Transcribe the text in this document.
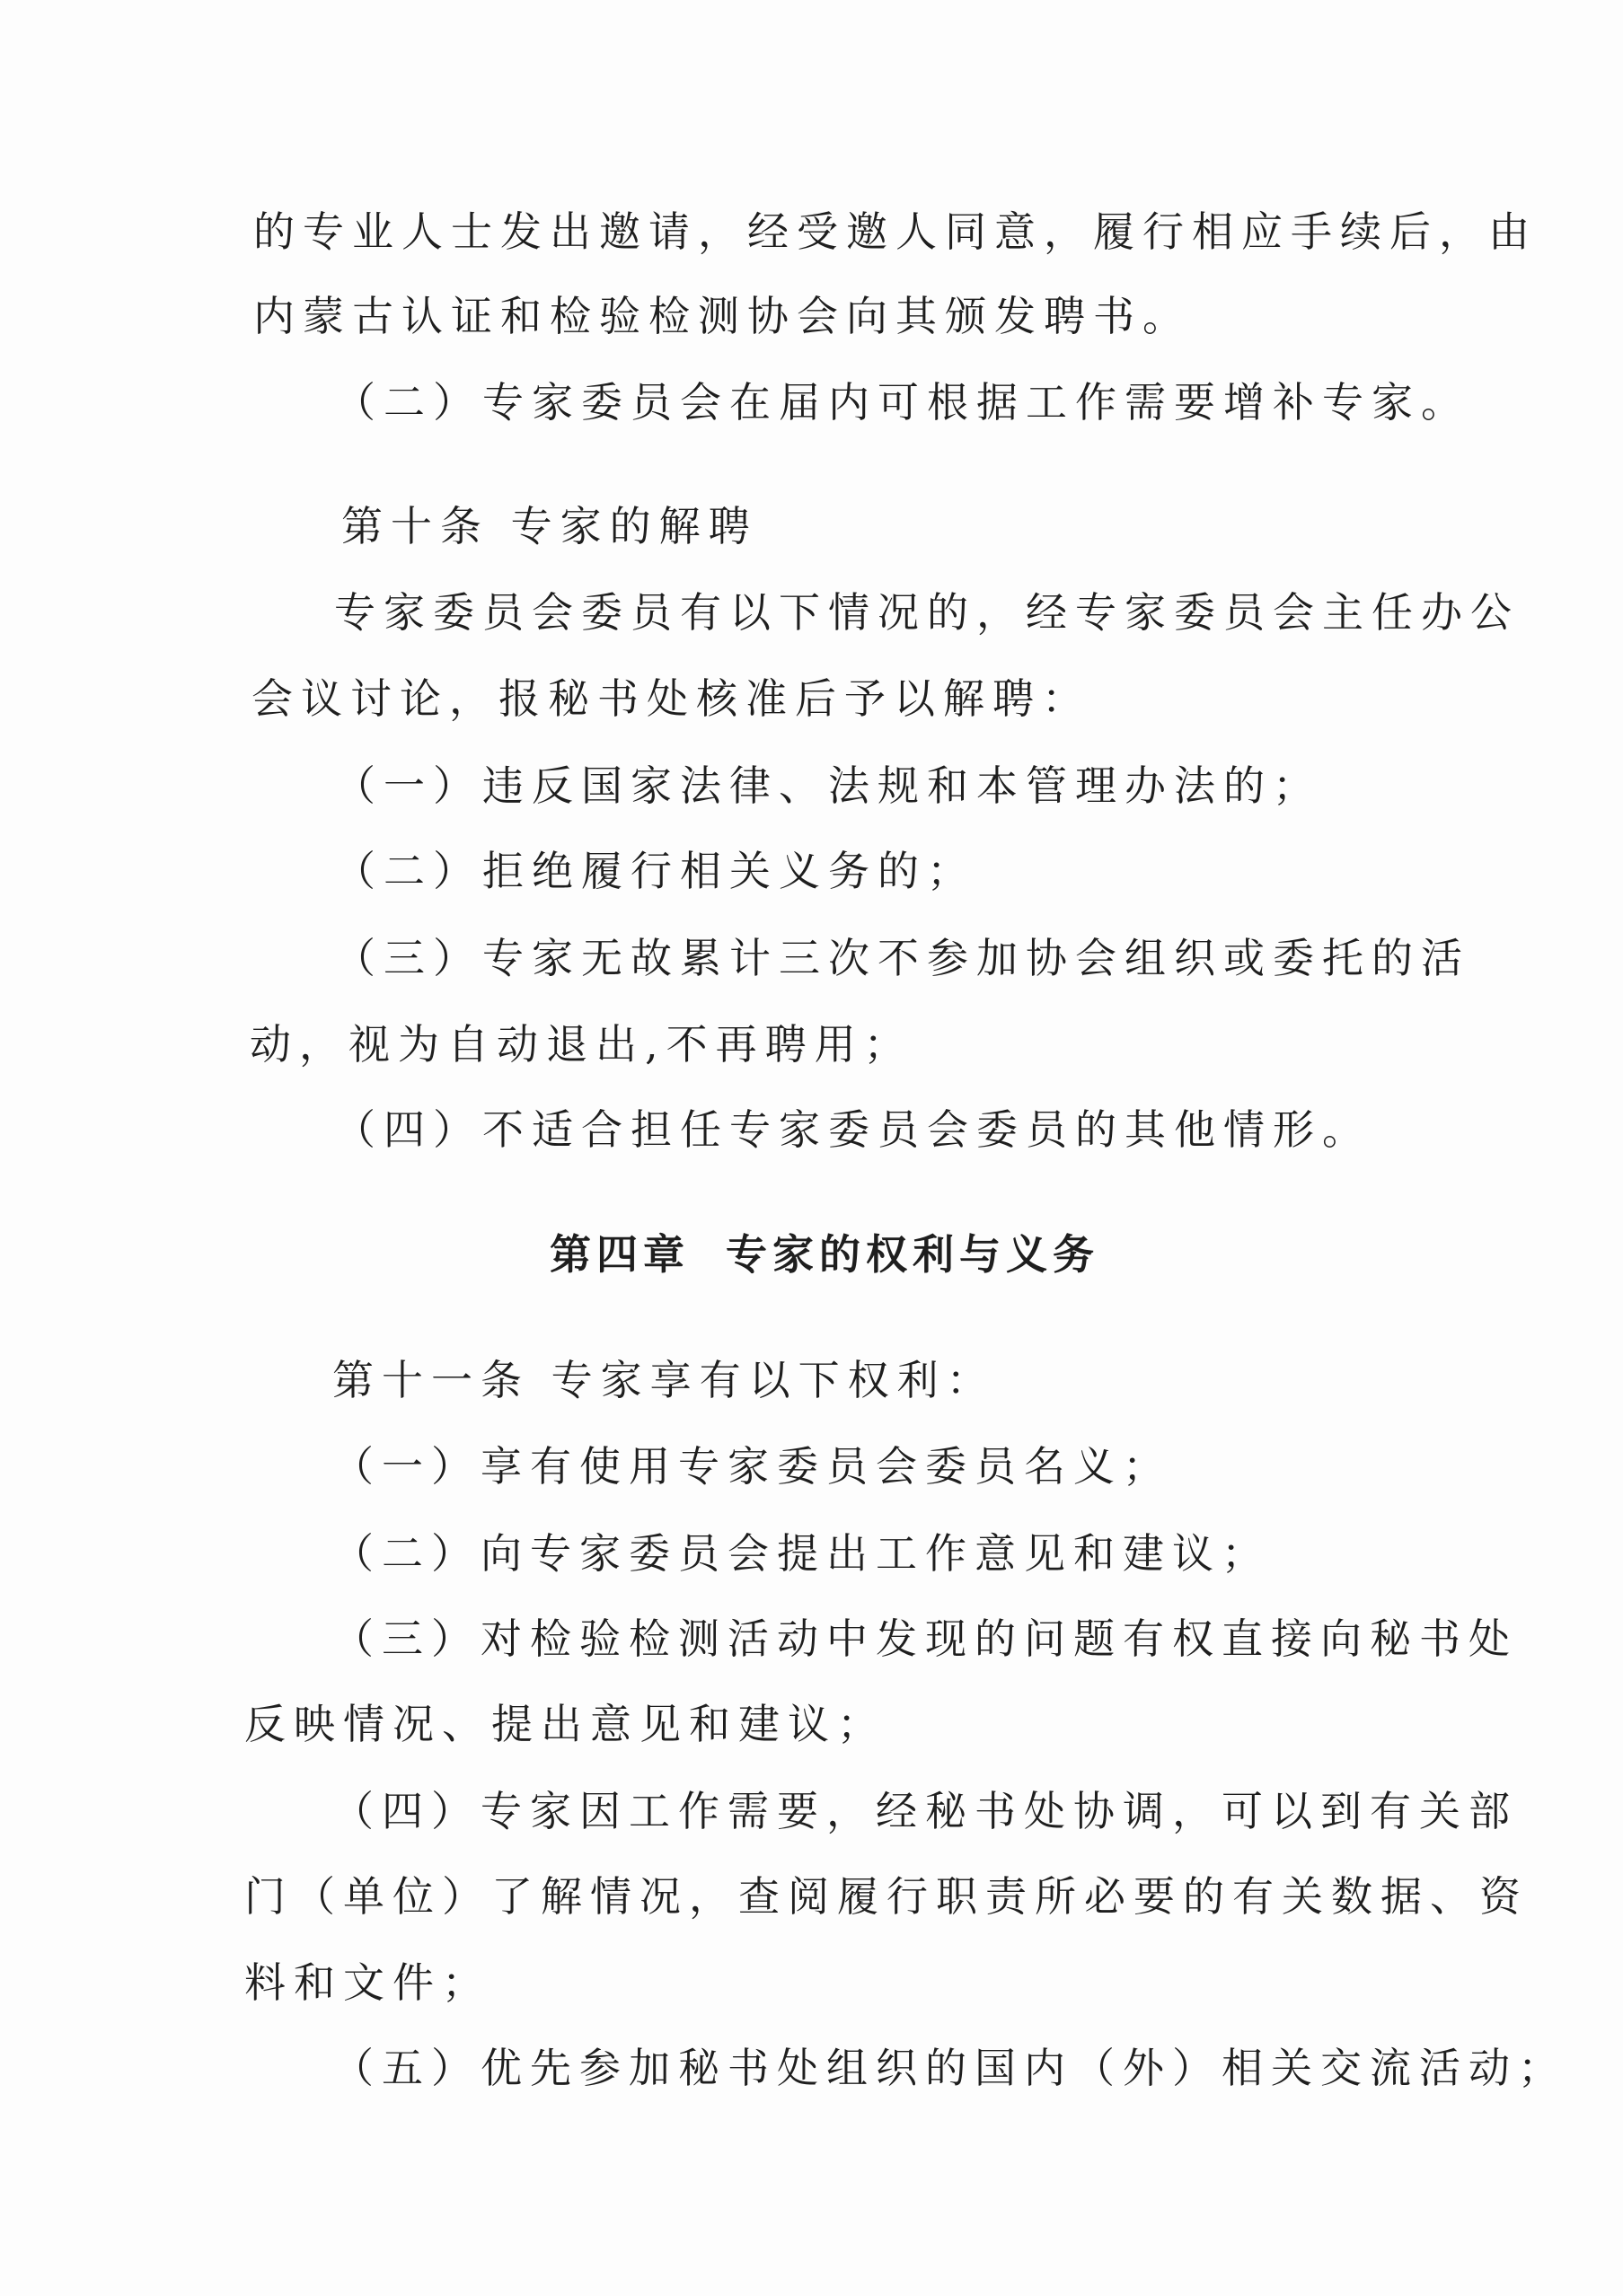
的专业人士发出邀请，经受邀人同意，履行相应手续后，由
内蒙古认证和检验检测协会向其颁发聘书。
（二）专家委员会在届内可根据工作需要增补专家。
第十条 专家的解聘
专家委员会委员有以下情况的，经专家委员会主任办公
会议讨论，报秘书处核准后予以解聘：
（一）违反国家法律、法规和本管理办法的；
（二）拒绝履行相关义务的；
（三）专家无故累计三次不参加协会组织或委托的活
动，视为自动退出,不再聘用；
（四）不适合担任专家委员会委员的其他情形。
第四章 专家的权利与义务
第十一条 专家享有以下权利：
（一）享有使用专家委员会委员名义；
（二）向专家委员会提出工作意见和建议；
（三）对检验检测活动中发现的问题有权直接向秘书处
反映情况、提出意见和建议；
（四）专家因工作需要，经秘书处协调，可以到有关部
门（单位）了解情况，查阅履行职责所必要的有关数据、资
料和文件；
（五）优先参加秘书处组织的国内（外）相关交流活动；
